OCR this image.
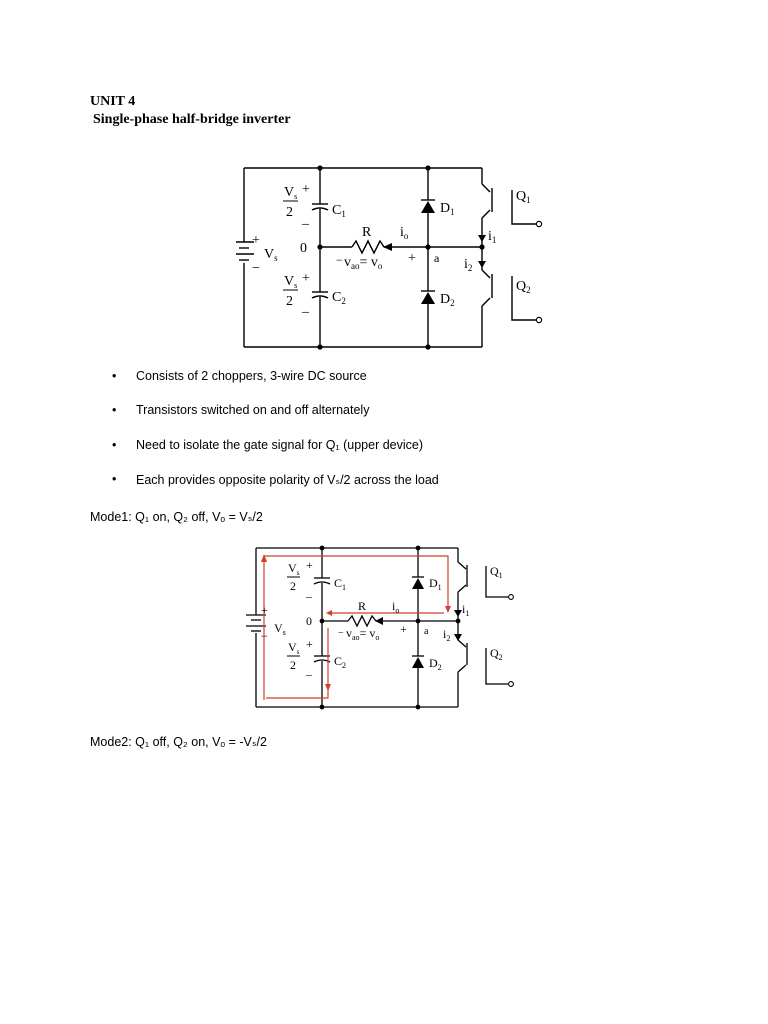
UNIT 4
Single-phase half-bridge inverter
+
−
$V_s$
$V_s$
2
+
_
$C_1$
0
$V_s$
2
+
_
$C_2$
R $i_o$
− $v_{ao}= v_o + a$
$D_1$
$D_2$
$i_1$
$i_2$
$Q_1$
$Q_2$
• Consists of 2 choppers, 3-wire DC source
• Transistors switched on and off alternately
• Need to isolate the gate signal for Q₁ (upper device)
• Each provides opposite polarity of Vₛ/2 across the load
Mode1: Q₁ on, Q₂ off, Vₒ = Vₛ/2
+
−
$V_s$
$V_s$
2
+
_
$C_1$
0
$V_s$
2
+
_
$C_2$
R $i_o$
− $v_{ao}= v_o$
+ a
$D_1$
$D_2$
$i_1$
$i_2$
$Q_1$
$Q_2$
Mode2: Q₁ off, Q₂ on, Vₒ = -Vₛ/2
